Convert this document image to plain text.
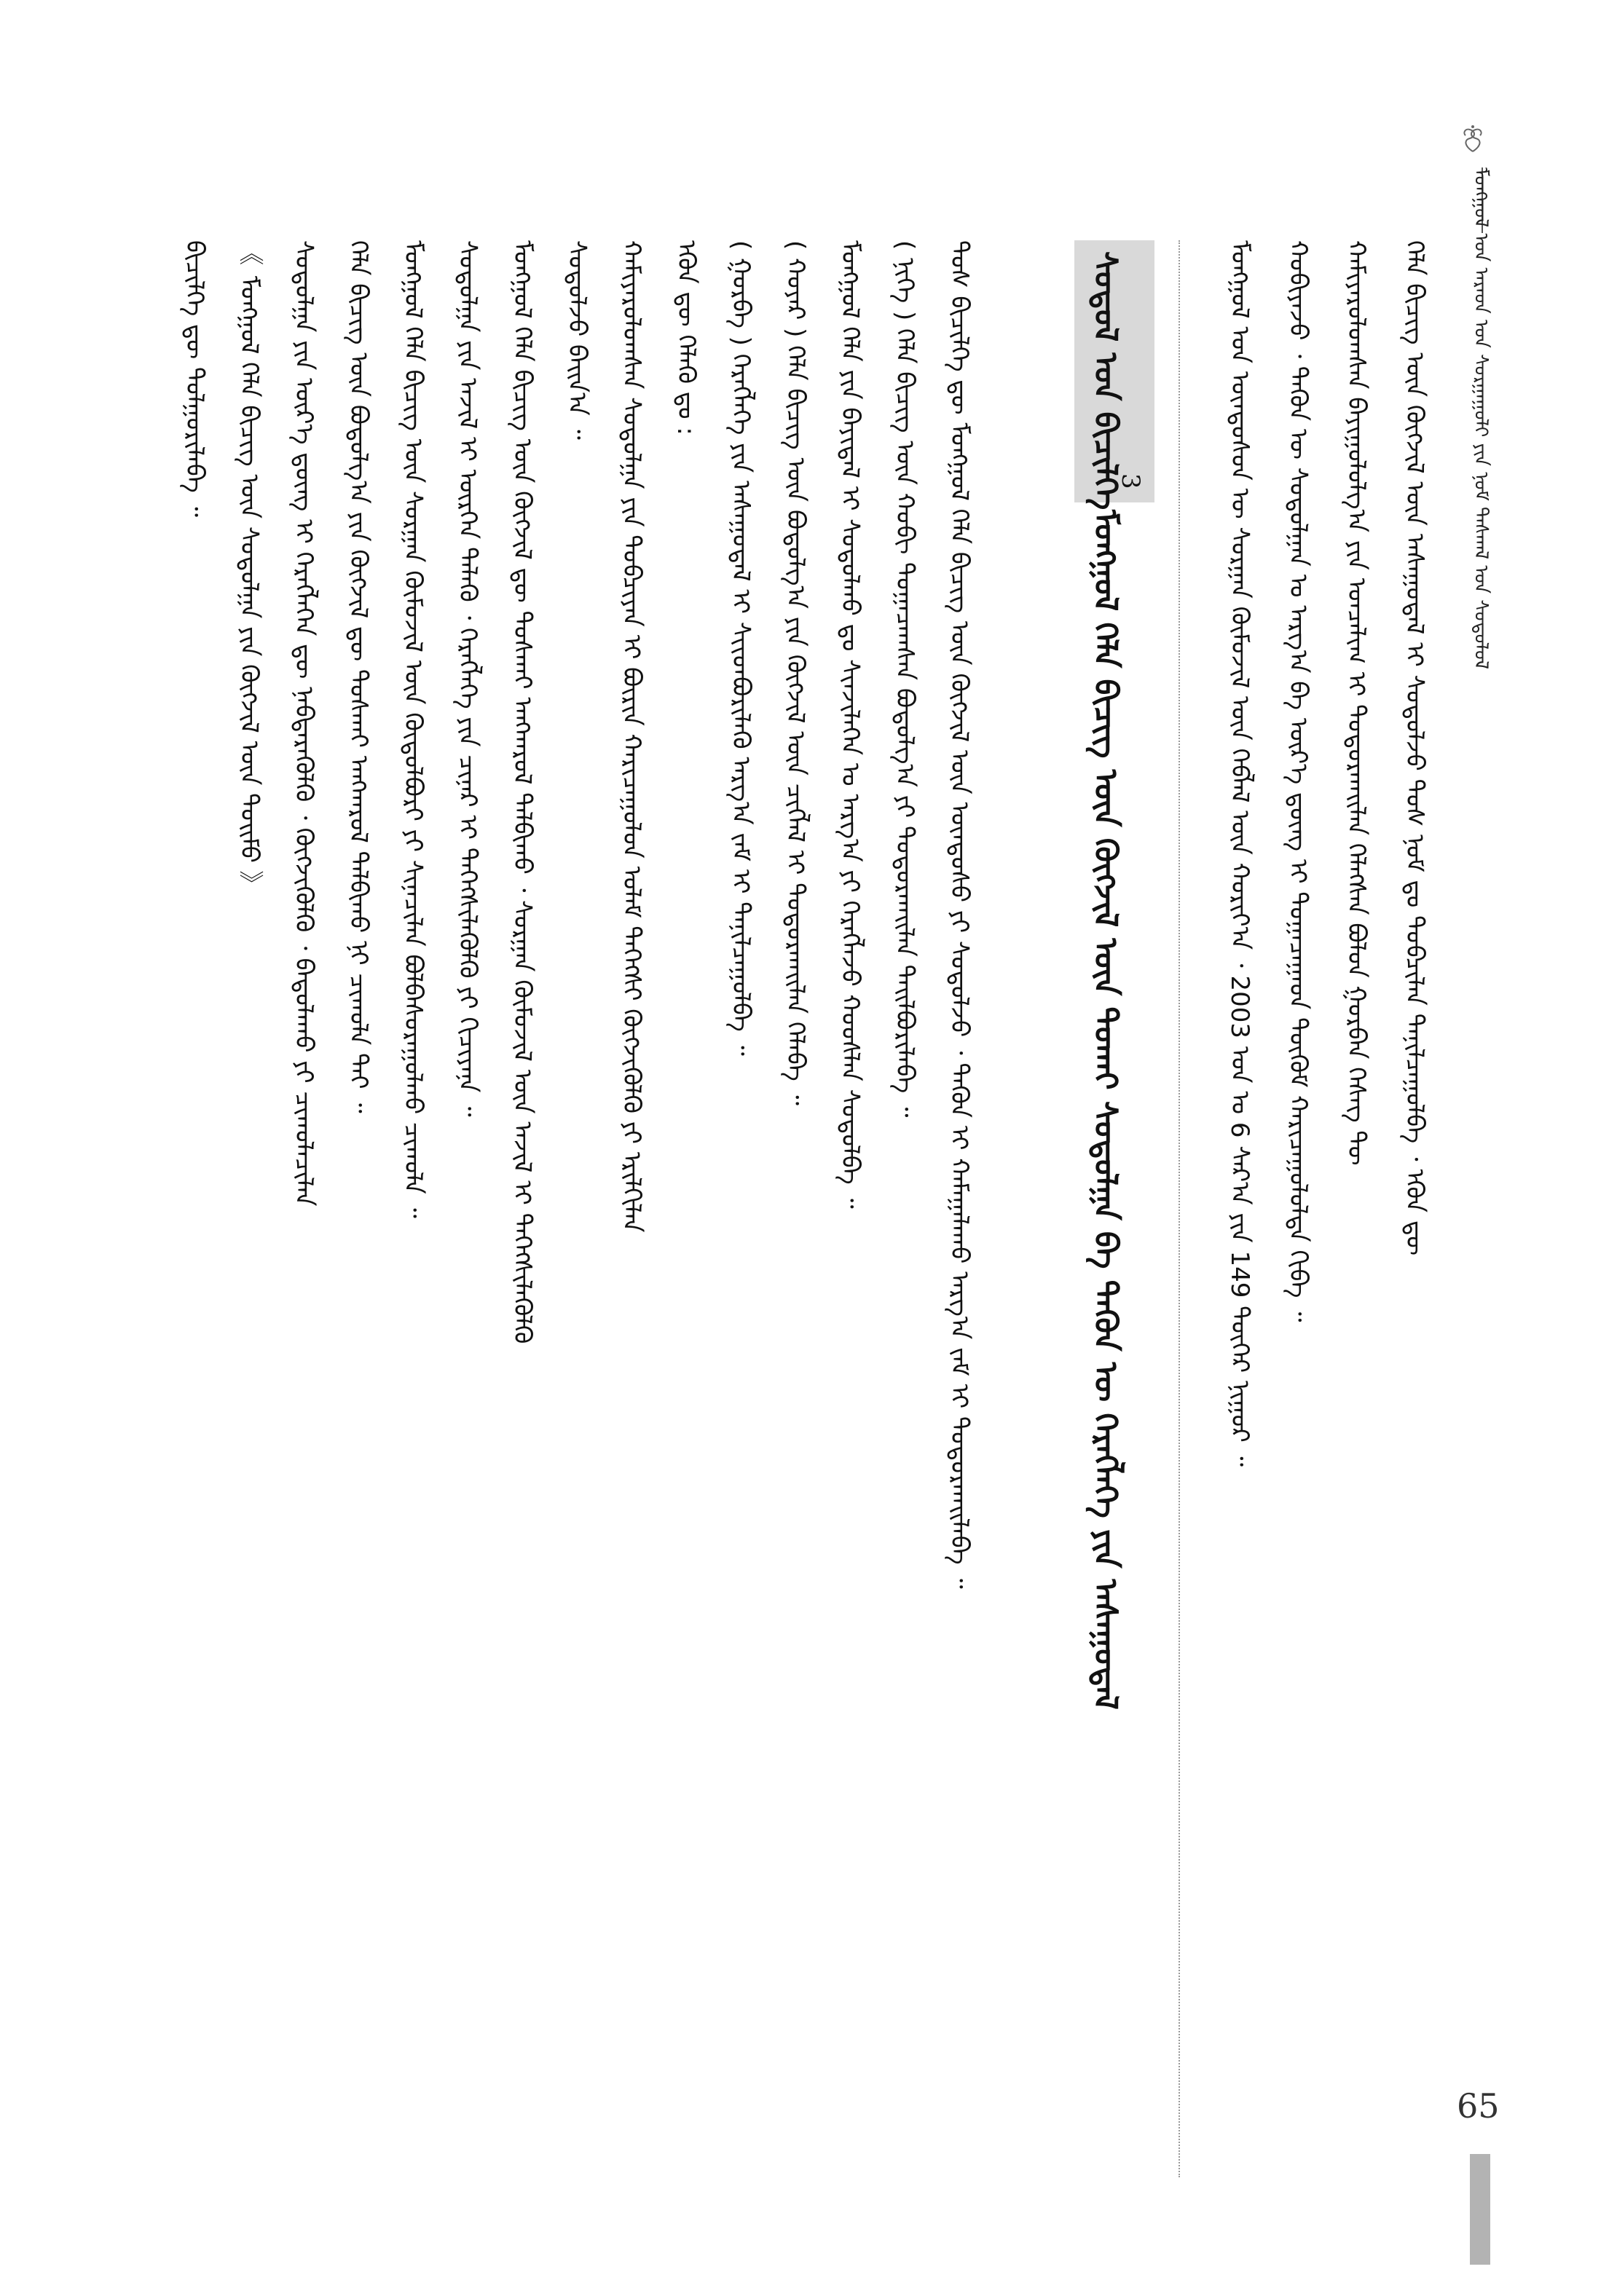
ᠮᠣᠩᠭᠤᠯ ᠤᠨ ᠠᠷᠠᠳ ᠤᠨ ᠰᠤᠷᠭᠠᠭᠤᠯᠢ ᠶᠢᠨ ᠨᠤᠮ ᠳᠠᠰᠬᠠᠯ ᠤᠨ ᠰᠤᠳᠤᠯᠤᠯ
ᠬᠡᠯᠡ ᠪᠢᠴᠢᠭ ᠦᠨ ᠬᠥᠭᠵᠢᠯ ᠦᠨ ᠠᠰᠠᠭᠤᠳᠠᠯ ᠢ ᠰᠤᠳᠤᠯᠵᠤ ᠲᠤᠰ ᠨᠤᠮ ᠳᠤ ᠲᠣᠪᠴᠢᠯᠠᠨ ᠲᠠᠨᠢᠯᠴᠠᠭᠤᠯᠪᠠ ᠂ ᠡᠭᠦᠨ ᠳᠦ
ᠬᠠᠮᠢᠶᠠᠷᠤᠯᠤᠭᠰᠠᠨ ᠪᠠᠶᠢᠭᠤᠯᠤᠯᠭ᠎ᠠ ᠶᠢᠨ ᠣᠨᠴᠠᠯᠢᠭ ᠢ ᠲᠣᠳᠤᠷᠬᠠᠢᠯᠠᠨ ᠬᠡᠯᠡᠭᠰᠡᠨ ᠪᠣᠯᠤᠨ ᠭᠤᠷᠪᠠᠨ ᠬᠡᠰᠡᠭ ᠲᠦ
ᠬᠤᠪᠢᠶᠠᠵᠤ ᠂ ᠲᠡᠭᠦᠨ ᠦ ᠰᠤᠳᠤᠯᠭᠠᠨ ᠤ ᠠᠷᠭ᠎ᠠ ᠪᠠ ᠦᠷ᠎ᠡ ᠳ᠋ᠦᠩ ᠢ ᠲᠣᠭᠠᠴᠠᠭᠠᠳ ᠳᠦᠭᠦᠮ ᠬᠠᠷᠢᠴᠠᠭᠤᠯᠤᠯᠲᠠ ᠬᠢᠪᠡ ᠃
ᠮᠣᠩᠭᠤᠯ ᠤᠨ ᠦᠨᠳᠦᠰᠦᠨ ᠦ ᠰᠤᠷᠭᠠᠨ ᠬᠦᠮᠦᠵᠢᠯ ᠦᠨ ᠬᠡᠪᠯᠡᠯ ᠦᠨ ᠬᠣᠷᠢᠶ᠎ᠠ ᠂ 2003 ᠣᠨ ᠤ 6 ᠰᠠᠷ᠎ᠠ ᠶᠢᠨ 149 ᠳᠦᠭᠡᠷ ᠨᠢᠭᠤᠷ ᠃
ᠰᠤᠳᠤᠯ ᠤᠨ ᠪᠢᠴᠢᠯᠭᠡ
3
ᠮᠣᠩᠭᠤᠯ ᠬᠡᠯᠡ ᠪᠢᠴᠢᠭ ᠦᠨ ᠬᠥᠭᠵᠢᠯ ᠦᠨ ᠲᠤᠬᠠᠢ ᠰᠤᠳᠤᠯᠭᠠ ᠪᠠ ᠲᠡᠭᠦᠨ ᠦ ᠬᠡᠷᠡᠭᠯᠡᠭᠡ ᠶᠢᠨ ᠠᠰᠠᠭᠤᠳᠠᠯ
ᠲᠤᠰ ᠪᠢᠴᠢᠯᠭᠡ ᠳᠦ ᠮᠣᠩᠭᠤᠯ ᠬᠡᠯᠡ ᠪᠢᠴᠢᠭ ᠦᠨ ᠬᠥᠭᠵᠢᠯ ᠦᠨ ᠦᠨᠳᠦᠰᠦ ᠶᠢ ᠰᠤᠳᠤᠯᠵᠤ ᠂ ᠲᠡᠭᠦᠨ ᠢ ᠬᠠᠮᠠᠭᠠᠯᠠᠬᠤ ᠠᠷᠭ᠎ᠠ ᠵᠠᠮ ᠢ ᠲᠣᠳᠤᠷᠬᠠᠢᠯᠠᠪᠠ ᠃
( ᠨᠢᠭᠡ ) ᠬᠡᠯᠡ ᠪᠢᠴᠢᠭ ᠦᠨ ᠬᠤᠪᠢ ᠲᠣᠭᠠᠴᠠᠭᠰᠠᠨ ᠪᠣᠳᠤᠯᠭ᠎ᠠ ᠶᠢ ᠲᠣᠳᠤᠷᠬᠠᠢᠯᠠᠨ ᠲᠠᠢᠯᠪᠤᠷᠢᠯᠠᠪᠠ ᠃
ᠮᠣᠩᠭᠤᠯ ᠬᠡᠯᠡ ᠶᠢᠨ ᠪᠠᠶᠢᠳᠠᠯ ᠢ ᠰᠤᠳᠤᠯᠬᠤ ᠳᠤ ᠰᠢᠨᠵᠢᠯᠡᠭᠡᠨ ᠤ ᠠᠷᠭ᠎ᠠ ᠶᠢ ᠬᠡᠷᠡᠭᠯᠡᠵᠦ ᠬᠣᠣᠰᠯᠠᠨ ᠰᠤᠳᠤᠯᠪᠠ ᠃
( ᠬᠣᠶᠠᠷ ) ᠬᠡᠯᠡ ᠪᠢᠴᠢᠭ ᠦᠨ ᠪᠣᠳᠤᠯᠭ᠎ᠠ ᠶᠢᠨ ᠬᠥᠭᠵᠢᠯ ᠦᠨ ᠴᠢᠭᠯᠡᠯ ᠢ ᠲᠣᠳᠤᠷᠬᠠᠢᠯᠠᠨ ᠬᠡᠯᠡᠪᠡ ᠃
( ᠭᠤᠷᠪᠠ ) ᠬᠡᠷᠡᠭᠯᠡᠭᠡ ᠶᠢᠨ ᠠᠰᠠᠭᠤᠳᠠᠯ ᠢ ᠰᠢᠢᠳᠪᠦᠷᠢᠯᠡᠬᠦ ᠠᠷᠭ᠎ᠠ ᠵᠠᠮ ᠢ ᠲᠠᠨᠢᠯᠴᠠᠭᠤᠯᠪᠠ ᠃
ᠡᠭᠦᠨ ᠳᠦ ᠬᠡᠯᠡᠬᠦ ᠳᠤ :
ᠬᠠᠮᠢᠶᠠᠷᠤᠯᠤᠭᠰᠠᠨ ᠰᠤᠳᠤᠯᠭᠠ ᠶᠢᠨ ᠲᠣᠪᠴᠢᠶᠠᠨ ᠢ ᠪᠦᠷᠢᠨ ᠬᠠᠷᠢᠴᠠᠭᠤᠯᠤᠨ ᠤᠯᠠᠮ ᠳᠡᠭᠡᠭᠰᠢ ᠬᠥᠭᠵᠢᠭᠦᠯᠬᠦ ᠶᠢ ᠡᠷᠢᠯᠬᠢᠯᠡᠨ
ᠰᠤᠳᠤᠯᠵᠤ ᠪᠠᠢᠨ᠎ᠠ ᠃
ᠮᠣᠩᠭᠤᠯ ᠬᠡᠯᠡ ᠪᠢᠴᠢᠭ ᠦᠨ ᠬᠥᠭᠵᠢᠯ ᠳᠦ ᠲᠤᠰᠬᠠᠢ ᠠᠩᠬᠠᠷᠤᠯ ᠲᠠᠯᠪᠢᠬᠤ ᠂ ᠰᠤᠷᠭᠠᠨ ᠬᠦᠮᠦᠵᠢᠯ ᠦᠨ ᠠᠵᠢᠯ ᠢ ᠳᠡᠭᠡᠭᠰᠢᠯᠡᠭᠦᠯᠬᠦ
ᠰᠤᠳᠤᠯᠭᠠ ᠶᠢᠨ ᠠᠵᠢᠯ ᠢ ᠥᠷᠭᠡᠨ ᠲᠡᠯᠡᠬᠦ ᠂ ᠬᠡᠷᠡᠭᠯᠡᠭᠡ ᠶᠢᠨ ᠴᠢᠨᠠᠷ ᠢ ᠳᠡᠭᠡᠭᠰᠢᠯᠡᠭᠦᠯᠬᠦ ᠶᠢ ᠬᠢᠴᠢᠶᠡᠨᠡ ᠃
ᠮᠣᠩᠭᠤᠯ ᠬᠡᠯᠡ ᠪᠢᠴᠢᠭ ᠦᠨ ᠰᠤᠷᠭᠠᠨ ᠬᠦᠮᠦᠵᠢᠯ ᠦᠨ ᠬᠥᠲᠦᠯᠪᠦᠷᠢ ᠶᠢ ᠰᠢᠨᠡᠴᠢᠯᠡᠨ ᠪᠣᠯᠪᠠᠰᠤᠷᠠᠭᠤᠯᠬᠤ ᠴᠢᠬᠤᠯᠠ ᠃
ᠬᠡᠯᠡ ᠪᠢᠴᠢᠭ ᠦᠨ ᠪᠣᠳᠤᠯᠭ᠎ᠠ ᠶᠢᠨ ᠬᠥᠭᠵᠢᠯ ᠳᠦ ᠲᠤᠰᠬᠠᠢ ᠠᠩᠬᠠᠷᠤᠯ ᠲᠠᠯᠪᠢᠬᠤ ᠨᠢ ᠴᠢᠬᠤᠯᠠ ᠲᠠᠢ ᠃
ᠰᠤᠳᠤᠯᠭᠠ ᠶᠢᠨ ᠦᠷ᠎ᠡ ᠳ᠋ᠦᠩ ᠢ ᠬᠡᠷᠡᠭᠯᠡᠭᠡᠨ ᠳᠦ ᠨᠡᠪᠲᠡᠷᠡᠭᠦᠯᠬᠦ ᠂ ᠬᠥᠭᠵᠢᠭᠦᠯᠬᠦ ᠂ ᠪᠠᠲᠤᠯᠠᠬᠤ ᠶᠢ ᠴᠢᠬᠤᠯᠠᠴᠢᠯᠠᠨ
《 ᠮᠣᠩᠭᠤᠯ ᠬᠡᠯᠡ ᠪᠢᠴᠢᠭ ᠦᠨ ᠰᠤᠳᠤᠯᠭᠠ ᠶᠢᠨ ᠬᠥᠭᠵᠢᠯ ᠦᠨ ᠲᠣᠢᠮᠤ 》
ᠪᠢᠴᠢᠯᠭᠡ ᠳᠦ ᠲᠤᠯᠭᠤᠷᠢᠯᠠᠪᠠ ᠃
65
